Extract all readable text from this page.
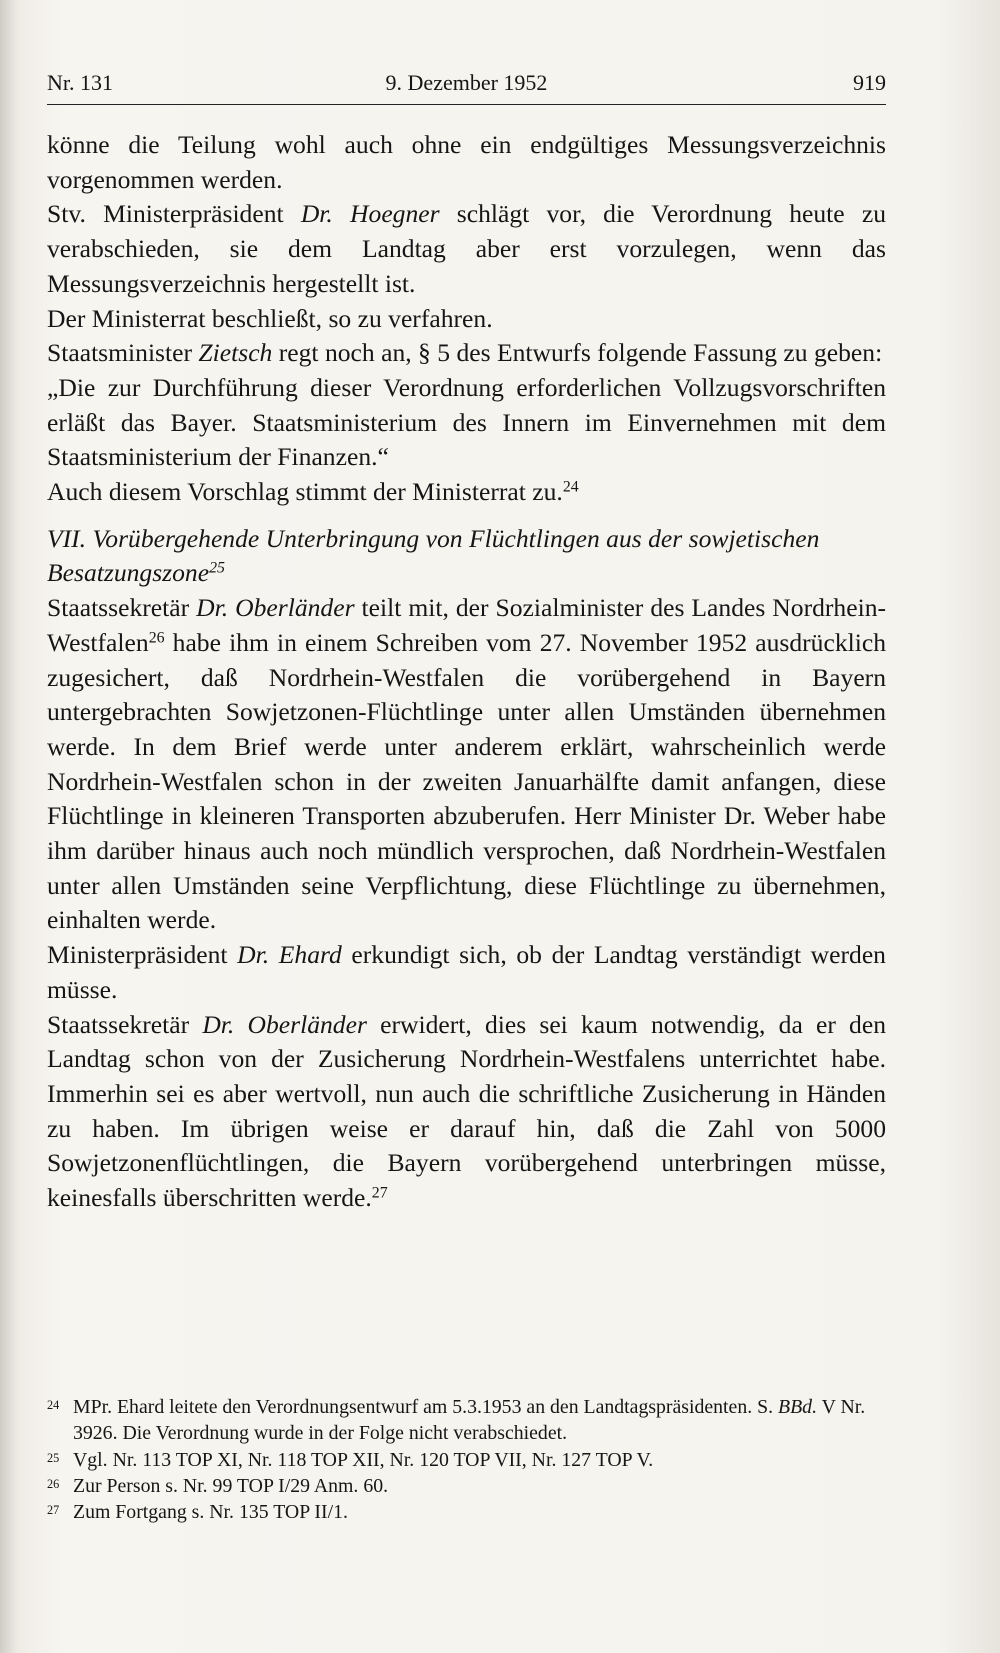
Nr. 131	9. Dezember 1952	919

könne die Teilung wohl auch ohne ein endgültiges Messungsverzeichnis vorgenommen werden.

Stv. Ministerpräsident Dr. Hoegner schlägt vor, die Verordnung heute zu verabschieden, sie dem Landtag aber erst vorzulegen, wenn das Messungsverzeichnis hergestellt ist.

Der Ministerrat beschließt, so zu verfahren.

Staatsminister Zietsch regt noch an, § 5 des Entwurfs folgende Fassung zu geben:

„Die zur Durchführung dieser Verordnung erforderlichen Vollzugsvorschriften erläßt das Bayer. Staatsministerium des Innern im Einvernehmen mit dem Staatsministerium der Finanzen.“

Auch diesem Vorschlag stimmt der Ministerrat zu.$^{24}$

VII. Vorübergehende Unterbringung von Flüchtlingen aus der sowjetischen Besatzungszone$^{25}$

Staatssekretär Dr. Oberländer teilt mit, der Sozialminister des Landes Nordrhein-Westfalen$^{26}$ habe ihm in einem Schreiben vom 27. November 1952 ausdrücklich zugesichert, daß Nordrhein-Westfalen die vorübergehend in Bayern untergebrachten Sowjetzonen-Flüchtlinge unter allen Umständen übernehmen werde. In dem Brief werde unter anderem erklärt, wahrscheinlich werde Nordrhein-Westfalen schon in der zweiten Januarhälfte damit anfangen, diese Flüchtlinge in kleineren Transporten abzuberufen. Herr Minister Dr. Weber habe ihm darüber hinaus auch noch mündlich versprochen, daß Nordrhein-Westfalen unter allen Umständen seine Verpflichtung, diese Flüchtlinge zu übernehmen, einhalten werde.

Ministerpräsident Dr. Ehard erkundigt sich, ob der Landtag verständigt werden müsse.

Staatssekretär Dr. Oberländer erwidert, dies sei kaum notwendig, da er den Landtag schon von der Zusicherung Nordrhein-Westfalens unterrichtet habe. Immerhin sei es aber wertvoll, nun auch die schriftliche Zusicherung in Händen zu haben. Im übrigen weise er darauf hin, daß die Zahl von 5000 Sowjetzonenflüchtlingen, die Bayern vorübergehend unterbringen müsse, keinesfalls überschritten werde.$^{27}$

24 MPr. Ehard leitete den Verordnungsentwurf am 5.3.1953 an den Landtagspräsidenten. S. BBd. V Nr. 3926. Die Verordnung wurde in der Folge nicht verabschiedet.

25 Vgl. Nr. 113 TOP XI, Nr. 118 TOP XII, Nr. 120 TOP VII, Nr. 127 TOP V.

26 Zur Person s. Nr. 99 TOP I/29 Anm. 60.

27 Zum Fortgang s. Nr. 135 TOP II/1.
